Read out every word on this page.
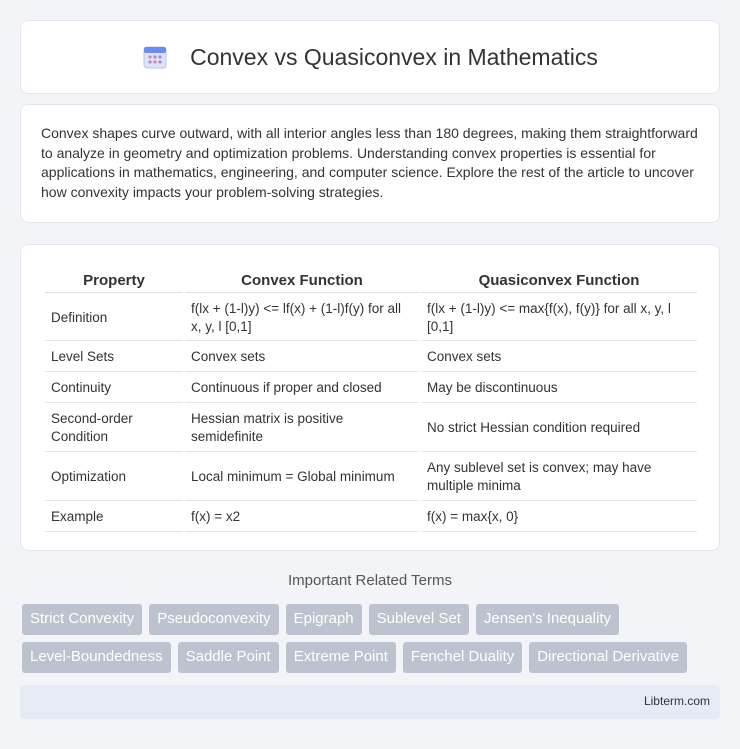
Convex vs Quasiconvex in Mathematics

Convex shapes curve outward, with all interior angles less than 180 degrees, making them straightforward to analyze in geometry and optimization problems. Understanding convex properties is essential for applications in mathematics, engineering, and computer science. Explore the rest of the article to uncover how convexity impacts your problem-solving strategies.

Property	Convex Function	Quasiconvex Function
Definition	f(lx + (1-l)y) <= lf(x) + (1-l)f(y) for all x, y, l [0,1]	f(lx + (1-l)y) <= max{f(x), f(y)} for all x, y, l [0,1]
Level Sets	Convex sets	Convex sets
Continuity	Continuous if proper and closed	May be discontinuous
Second-order Condition	Hessian matrix is positive semidefinite	No strict Hessian condition required
Optimization	Local minimum = Global minimum	Any sublevel set is convex; may have multiple minima
Example	f(x) = x2	f(x) = max{x, 0}
Important Related Terms
Strict Convexity	Pseudoconvexity	Epigraph	Sublevel Set	Jensen's Inequality
Level-Boundedness	Saddle Point	Extreme Point	Fenchel Duality	Directional Derivative
Libterm.com
